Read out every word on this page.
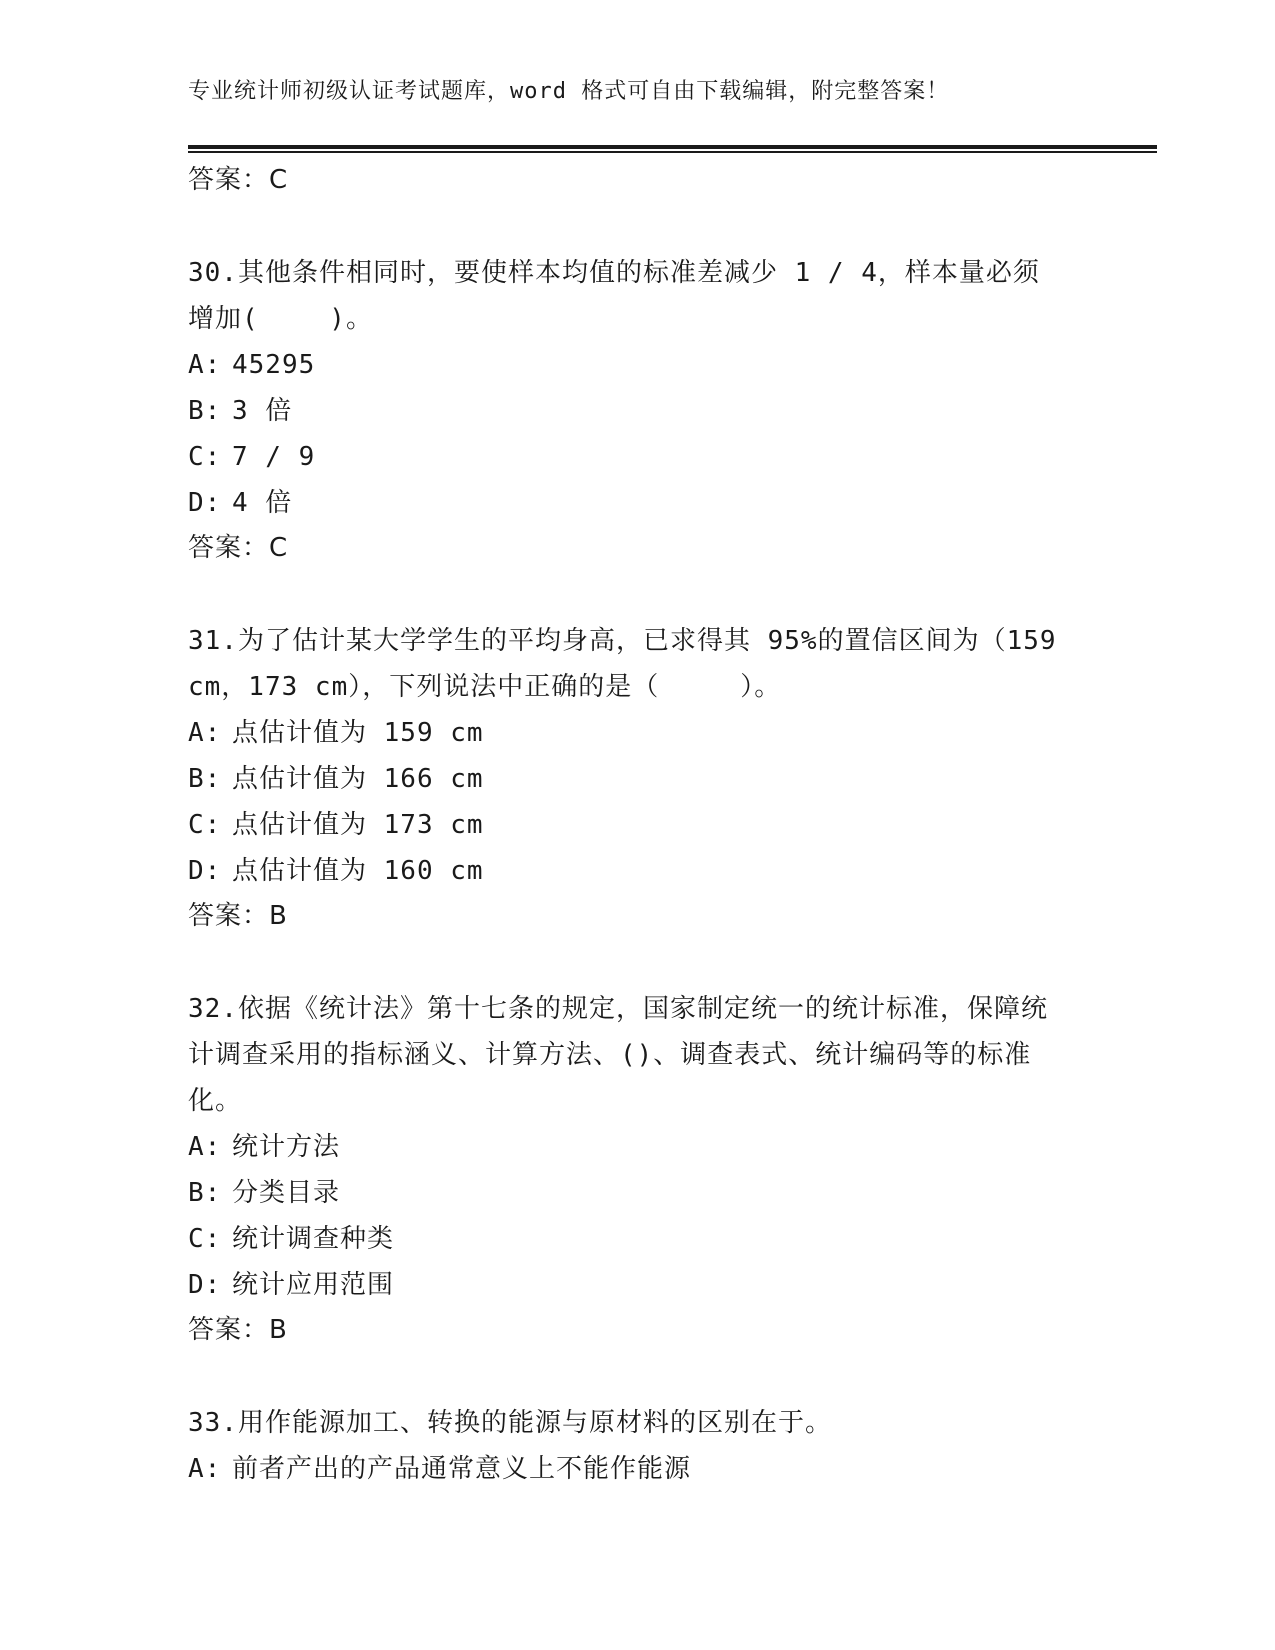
专业统计师初级认证考试题库，word 格式可自由下载编辑，附完整答案！
答案：C
30.其他条件相同时，要使样本均值的标准差减少 1 / 4，样本量必须增加(　　 )。
A: 45295
B: 3 倍
C: 7 / 9
D: 4 倍
答案：C
31.为了估计某大学学生的平均身高，已求得其 95%的置信区间为（159 cm，173 cm），下列说法中正确的是（　　　）。
A: 点估计值为 159 cm
B: 点估计值为 166 cm
C: 点估计值为 173 cm
D: 点估计值为 160 cm
答案：B
32.依据《统计法》第十七条的规定，国家制定统一的统计标准，保障统计调查采用的指标涵义、计算方法、()、调查表式、统计编码等的标准化。
A: 统计方法
B: 分类目录
C: 统计调查种类
D: 统计应用范围
答案：B
33.用作能源加工、转换的能源与原材料的区别在于。
A: 前者产出的产品通常意义上不能作能源
